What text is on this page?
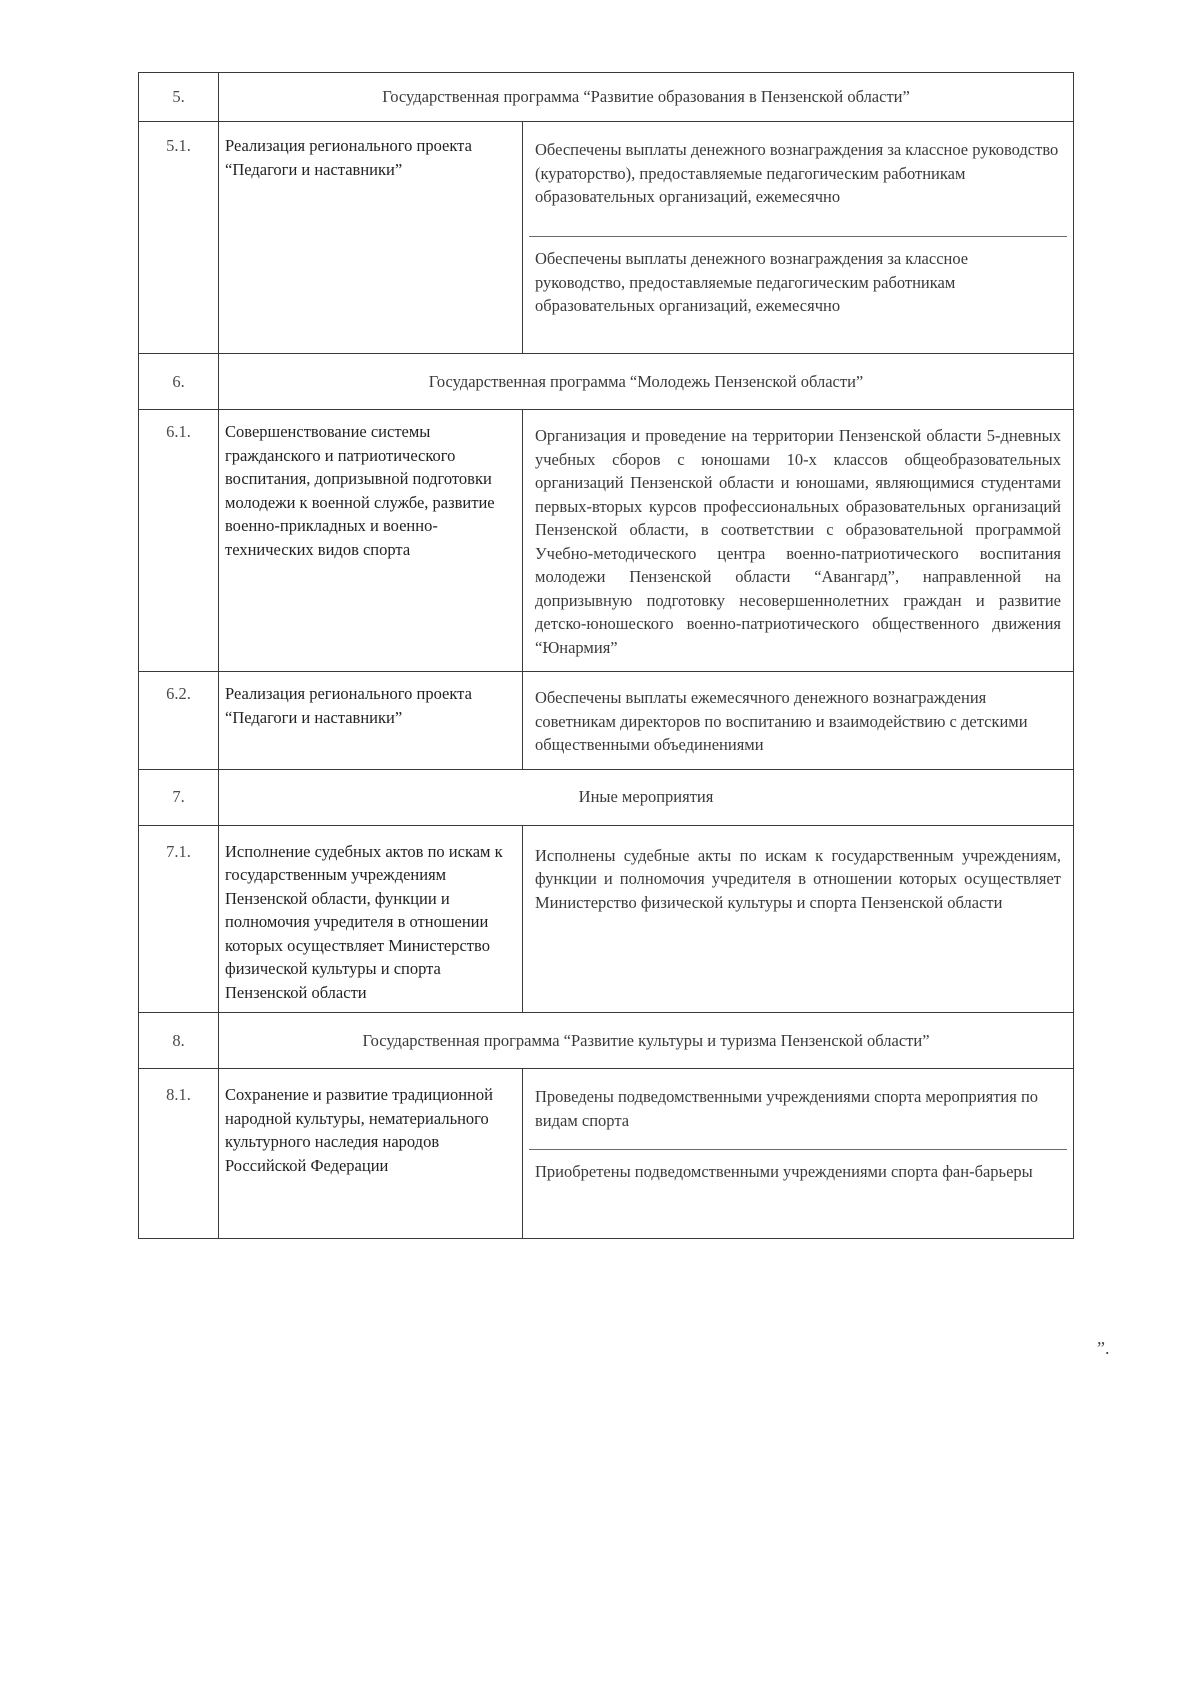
5.	Государственная программа “Развитие образования в Пензенской области”	
5.1.	Реализация регионального проекта “Педагоги и наставники”	Обеспечены выплаты денежного вознаграждения за классное руководство (кураторство), предоставляемые педагогическим работникам образовательных организаций, ежемесячно
Обеспечены выплаты денежного вознаграждения за классное руководство, предоставляемые педагогическим работникам образовательных организаций, ежемесячно

6.	Государственная программа “Молодежь Пензенской области”	
6.1.	Совершенствование системы гражданского и патриотического воспитания, допризывной подготовки молодежи к военной службе, развитие военно-прикладных и военно-технических видов спорта	Организация и проведение на территории Пензенской области 5-дневных учебных сборов с юношами 10-х классов общеобразовательных организаций Пензенской области и юношами, являющимися студентами первых-вторых курсов профессиональных образовательных организаций Пензенской области, в соответствии с образовательной программой Учебно-методического центра военно-патриотического воспитания молодежи Пензенской области “Авангард”, направленной на допризывную подготовку несовершеннолетних граждан и развитие детско-юношеского военно-патриотического общественного движения “Юнармия”

6.2.	Реализация регионального проекта “Педагоги и наставники”	Обеспечены выплаты ежемесячного денежного вознаграждения советникам директоров по воспитанию и взаимодействию с детскими общественными объединениями

7.	Иные мероприятия	
7.1.	Исполнение судебных актов по искам к государственным учреждениям Пензенской области, функции и полномочия учредителя в отношении которых осуществляет Министерство физической культуры и спорта Пензенской области	Исполнены судебные акты по искам к государственным учреждениям, функции и полномочия учредителя в отношении которых осуществляет Министерство физической культуры и спорта Пензенской области

8.	Государственная программа “Развитие культуры и туризма Пензенской области”	
8.1.	Сохранение и развитие традиционной народной культуры, нематериального культурного наследия народов Российской Федерации	Проведены подведомственными учреждениями спорта мероприятия по видам спорта
Приобретены подведомственными учреждениями спорта фан-барьеры
”.
